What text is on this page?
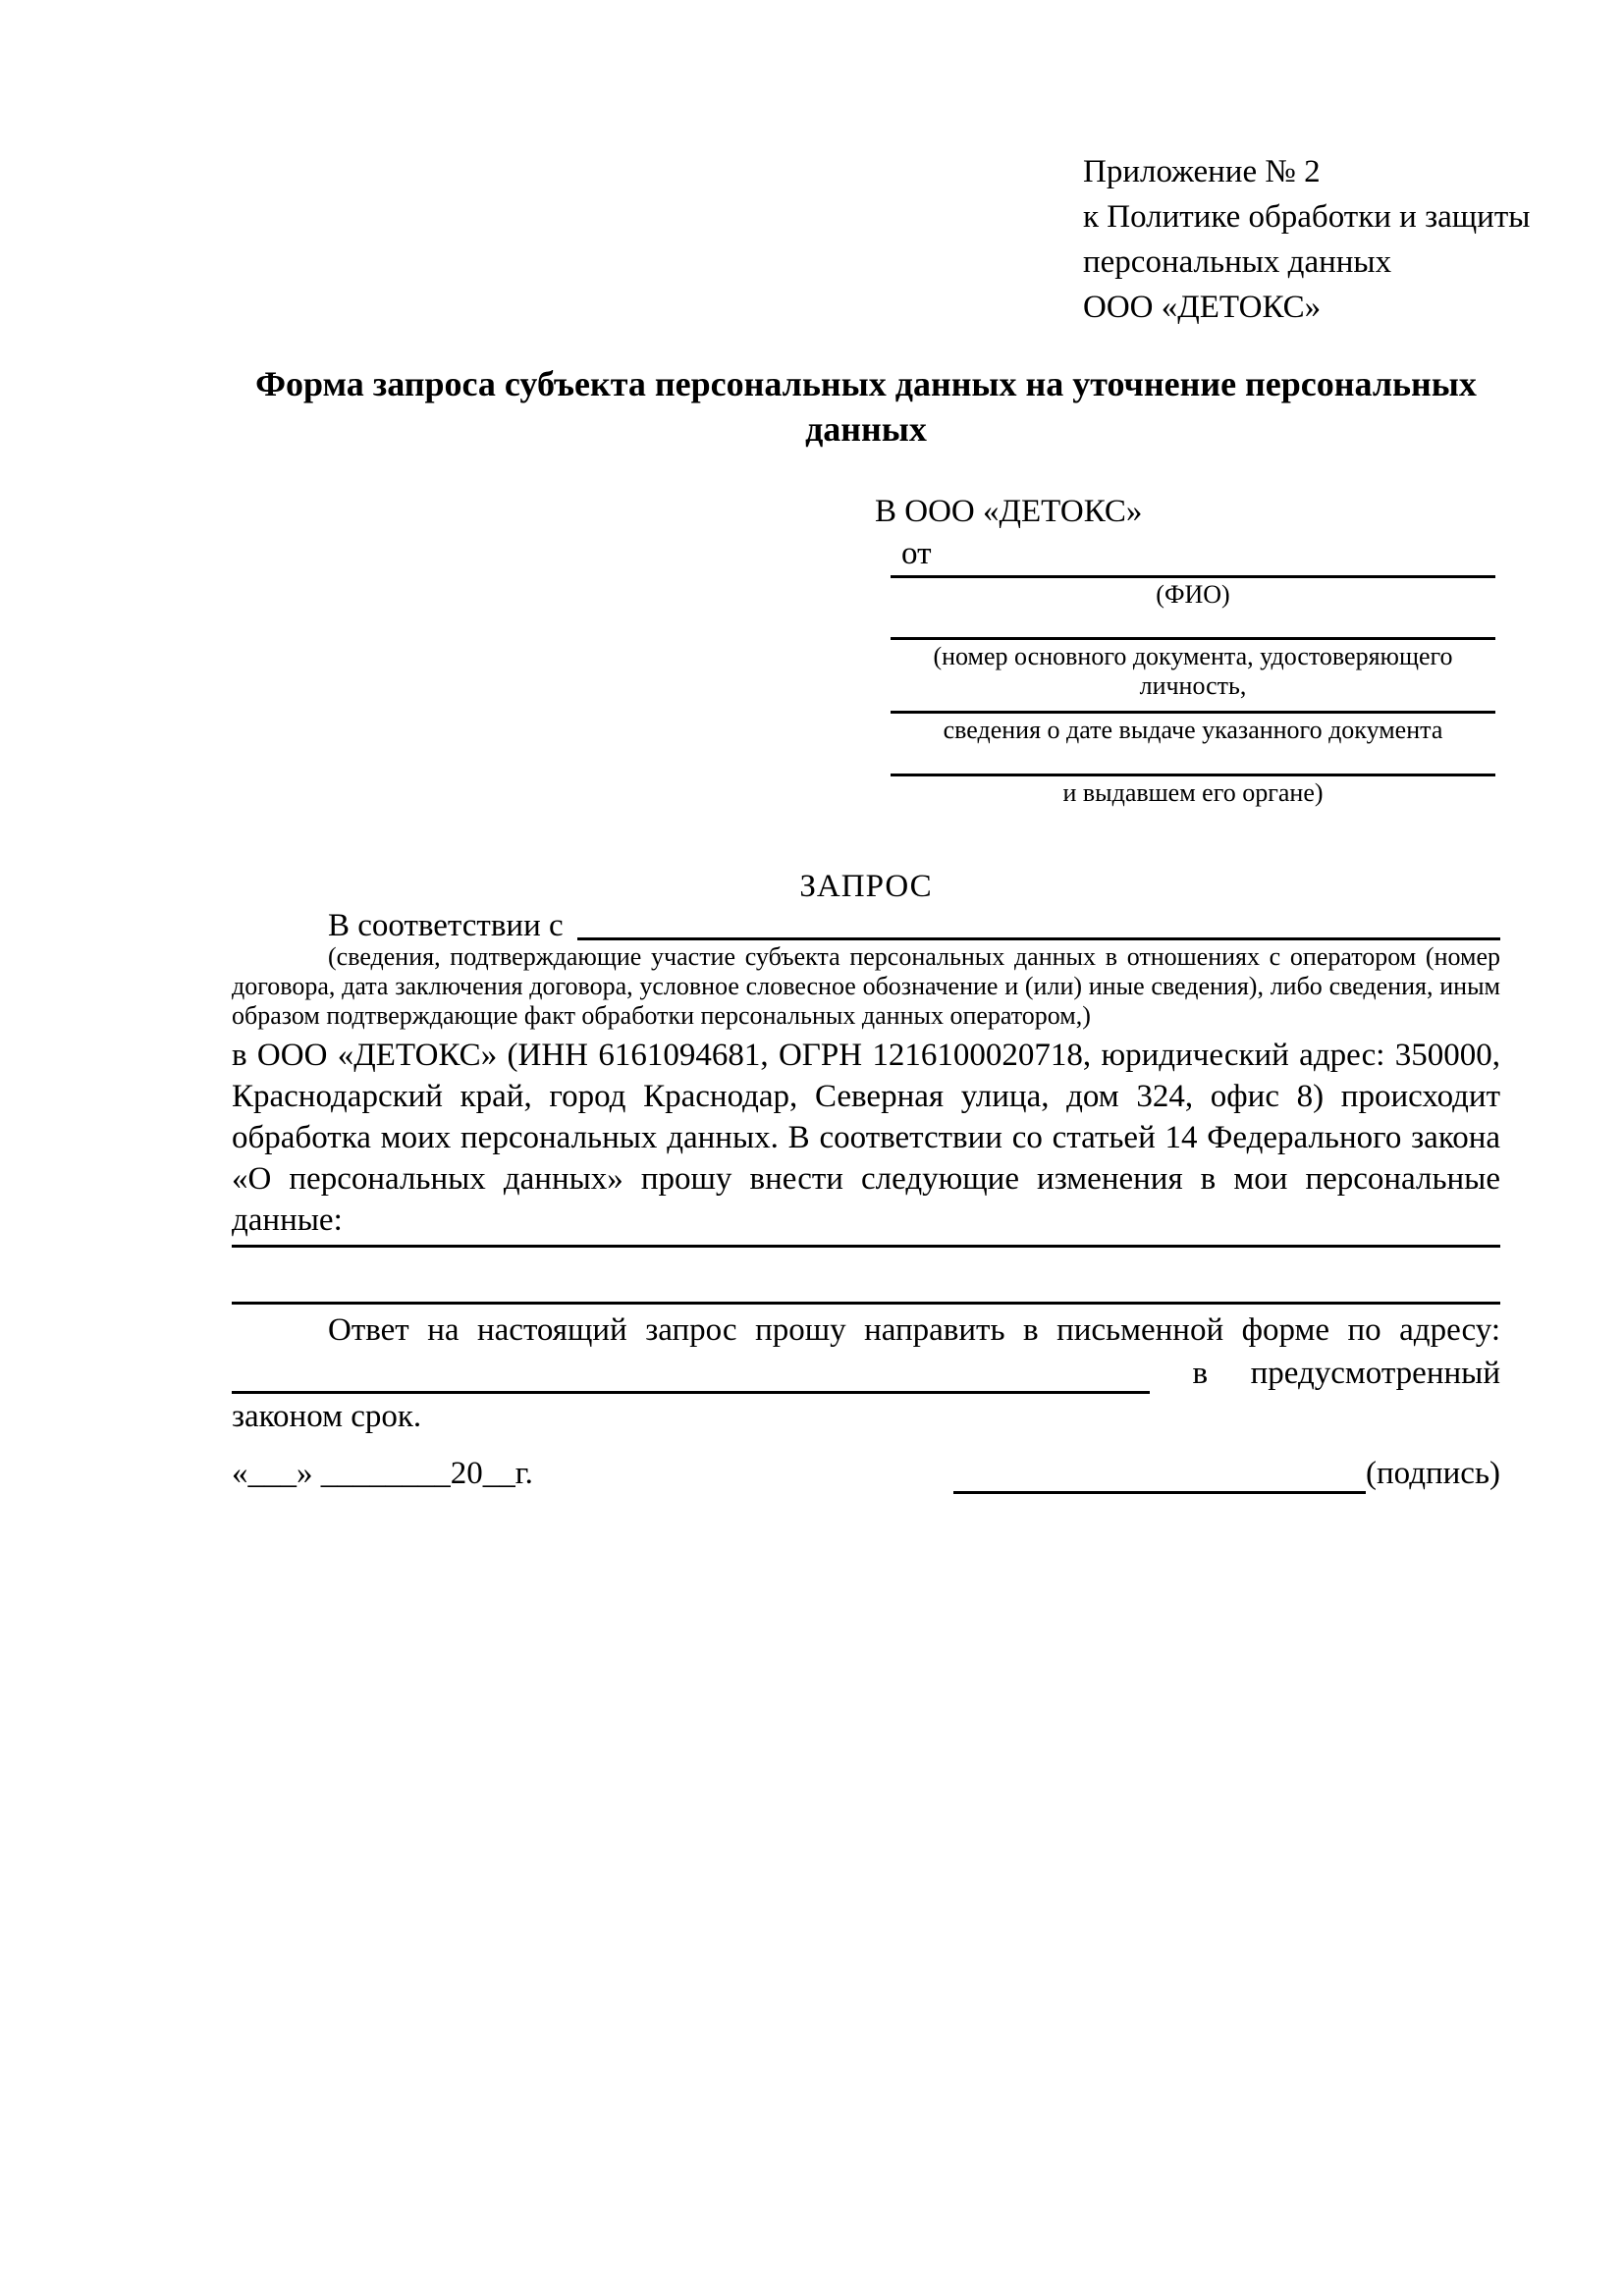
Приложение № 2
к Политике обработки и защиты
персональных данных
ООО «ДЕТОКС»
Форма запроса субъекта персональных данных на уточнение персональных данных
В ООО «ДЕТОКС»
от
(ФИО)
(номер основного документа, удостоверяющего личность,
сведения о дате выдаче указанного документа
и выдавшем его органе)
ЗАПРОС
В соответствии с
(сведения, подтверждающие участие субъекта персональных данных в отношениях с оператором (номер договора, дата заключения договора, условное словесное обозначение и (или) иные сведения), либо сведения, иным образом подтверждающие факт обработки персональных данных оператором,)
в ООО «ДЕТОКС» (ИНН 6161094681, ОГРН 1216100020718, юридический адрес: 350000, Краснодарский край, город Краснодар, Северная улица, дом 324, офис 8) происходит обработка моих персональных данных. В соответствии со статьей 14 Федерального закона «О персональных данных» прошу внести следующие изменения в мои персональные данные:
Ответ на настоящий запрос прошу направить в письменной форме по адресу:
в предусмотренный
законом срок.
«___» ________20__г.	(подпись)
